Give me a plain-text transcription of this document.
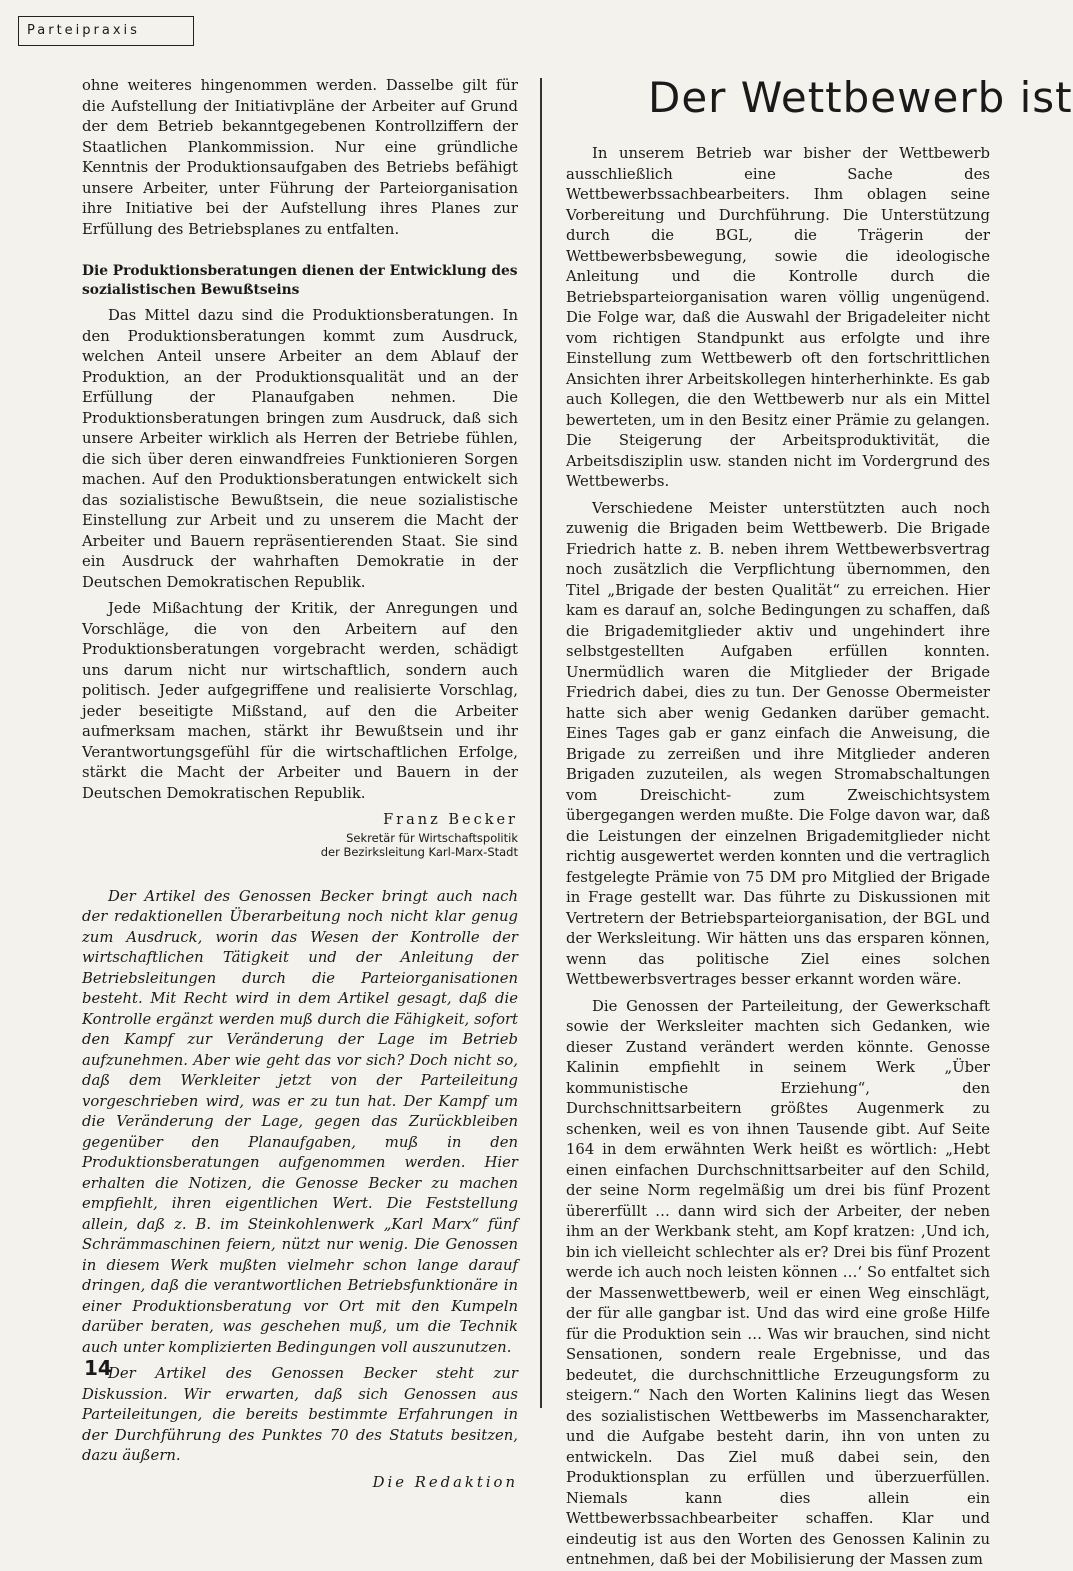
Parteipraxis

ohne weiteres hingenommen werden. Dasselbe gilt für die Aufstellung der Initiativpläne der Arbeiter auf Grund der dem Betrieb bekanntgegebenen Kontrollziffern der Staatlichen Plankommission. Nur eine gründliche Kenntnis der Produktionsaufgaben des Betriebs befähigt unsere Arbeiter, unter Führung der Parteiorganisation ihre Initiative bei der Aufstellung ihres Planes zur Erfüllung des Betriebsplanes zu entfalten.

Die Produktionsberatungen dienen der Entwicklung des sozialistischen Bewußtseins

Das Mittel dazu sind die Produktionsberatungen. In den Produktionsberatungen kommt zum Ausdruck, welchen Anteil unsere Arbeiter an dem Ablauf der Produktion, an der Produktionsqualität und an der Erfüllung der Planaufgaben nehmen. Die Produktionsberatungen bringen zum Ausdruck, daß sich unsere Arbeiter wirklich als Herren der Betriebe fühlen, die sich über deren einwandfreies Funktionieren Sorgen machen. Auf den Produktionsberatungen entwickelt sich das sozialistische Bewußtsein, die neue sozialistische Einstellung zur Arbeit und zu unserem die Macht der Arbeiter und Bauern repräsentierenden Staat. Sie sind ein Ausdruck der wahrhaften Demokratie in der Deutschen Demokratischen Republik.

Jede Mißachtung der Kritik, der Anregungen und Vorschläge, die von den Arbeitern auf den Produktionsberatungen vorgebracht werden, schädigt uns darum nicht nur wirtschaftlich, sondern auch politisch. Jeder aufgegriffene und realisierte Vorschlag, jeder beseitigte Mißstand, auf den die Arbeiter aufmerksam machen, stärkt ihr Bewußtsein und ihr Verantwortungsgefühl für die wirtschaftlichen Erfolge, stärkt die Macht der Arbeiter und Bauern in der Deutschen Demokratischen Republik.

Franz Becker

Sekretär für Wirtschaftspolitik

der Bezirksleitung Karl-Marx-Stadt

Der Artikel des Genossen Becker bringt auch nach der redaktionellen Überarbeitung noch nicht klar genug zum Ausdruck, worin das Wesen der Kontrolle der wirtschaftlichen Tätigkeit und der Anleitung der Betriebsleitungen durch die Parteiorganisationen besteht. Mit Recht wird in dem Artikel gesagt, daß die Kontrolle ergänzt werden muß durch die Fähigkeit, sofort den Kampf zur Veränderung der Lage im Betrieb aufzunehmen. Aber wie geht das vor sich? Doch nicht so, daß dem Werkleiter jetzt von der Parteileitung vorgeschrieben wird, was er zu tun hat. Der Kampf um die Veränderung der Lage, gegen das Zurückbleiben gegenüber den Planaufgaben, muß in den Produktionsberatungen aufgenommen werden. Hier erhalten die Notizen, die Genosse Becker zu machen empfiehlt, ihren eigentlichen Wert. Die Feststellung allein, daß z. B. im Steinkohlenwerk „Karl Marx“ fünf Schrämmaschinen feiern, nützt nur wenig. Die Genossen in diesem Werk mußten vielmehr schon lange darauf dringen, daß die verantwortlichen Betriebsfunktionäre in einer Produktionsberatung vor Ort mit den Kumpeln darüber beraten, was geschehen muß, um die Technik auch unter komplizierten Bedingungen voll auszunutzen.

Der Artikel des Genossen Becker steht zur Diskussion. Wir erwarten, daß sich Genossen aus Parteileitungen, die bereits bestimmte Erfahrungen in der Durchführung des Punktes 70 des Statuts besitzen, dazu äußern.

Die Redaktion

Der Wettbewerb ist

In unserem Betrieb war bisher der Wettbewerb ausschließlich eine Sache des Wettbewerbssachbearbeiters. Ihm oblagen seine Vorbereitung und Durchführung. Die Unterstützung durch die BGL, die Trägerin der Wettbewerbsbewegung, sowie die ideologische Anleitung und die Kontrolle durch die Betriebsparteiorganisation waren völlig ungenügend. Die Folge war, daß die Auswahl der Brigadeleiter nicht vom richtigen Standpunkt aus erfolgte und ihre Einstellung zum Wettbewerb oft den fortschrittlichen Ansichten ihrer Arbeitskollegen hinterherhinkte. Es gab auch Kollegen, die den Wettbewerb nur als ein Mittel bewerteten, um in den Besitz einer Prämie zu gelangen. Die Steigerung der Arbeitsproduktivität, die Arbeitsdisziplin usw. standen nicht im Vordergrund des Wettbewerbs.

Verschiedene Meister unterstützten auch noch zuwenig die Brigaden beim Wettbewerb. Die Brigade Friedrich hatte z. B. neben ihrem Wettbewerbsvertrag noch zusätzlich die Verpflichtung übernommen, den Titel „Brigade der besten Qualität“ zu erreichen. Hier kam es darauf an, solche Bedingungen zu schaffen, daß die Brigademitglieder aktiv und ungehindert ihre selbstgestellten Aufgaben erfüllen konnten. Unermüdlich waren die Mitglieder der Brigade Friedrich dabei, dies zu tun. Der Genosse Obermeister hatte sich aber wenig Gedanken darüber gemacht. Eines Tages gab er ganz einfach die Anweisung, die Brigade zu zerreißen und ihre Mitglieder anderen Brigaden zuzuteilen, als wegen Stromabschaltungen vom Dreischicht- zum Zweischichtsystem übergegangen werden mußte. Die Folge davon war, daß die Leistungen der einzelnen Brigademitglieder nicht richtig ausgewertet werden konnten und die vertraglich festgelegte Prämie von 75 DM pro Mitglied der Brigade in Frage gestellt war. Das führte zu Diskussionen mit Vertretern der Betriebsparteiorganisation, der BGL und der Werksleitung. Wir hätten uns das ersparen können, wenn das politische Ziel eines solchen Wettbewerbsvertrages besser erkannt worden wäre.

Die Genossen der Parteileitung, der Gewerkschaft sowie der Werksleiter machten sich Gedanken, wie dieser Zustand verändert werden könnte. Genosse Kalinin empfiehlt in seinem Werk „Über kommunistische Erziehung“, den Durchschnittsarbeitern größtes Augenmerk zu schenken, weil es von ihnen Tausende gibt. Auf Seite 164 in dem erwähnten Werk heißt es wörtlich: „Hebt einen einfachen Durchschnittsarbeiter auf den Schild, der seine Norm regelmäßig um drei bis fünf Prozent übererfüllt … dann wird sich der Arbeiter, der neben ihm an der Werkbank steht, am Kopf kratzen: ‚Und ich, bin ich vielleicht schlechter als er? Drei bis fünf Prozent werde ich auch noch leisten können …‘ So entfaltet sich der Massenwettbewerb, weil er einen Weg einschlägt, der für alle gangbar ist. Und das wird eine große Hilfe für die Produktion sein … Was wir brauchen, sind nicht Sensationen, sondern reale Ergebnisse, und das bedeutet, die durchschnittliche Erzeugungsform zu steigern.“ Nach den Worten Kalinins liegt das Wesen des sozialistischen Wettbewerbs im Massencharakter, und die Aufgabe besteht darin, ihn von unten zu entwickeln. Das Ziel muß dabei sein, den Produktionsplan zu erfüllen und überzuerfüllen. Niemals kann dies allein ein Wettbewerbssachbearbeiter schaffen. Klar und eindeutig ist aus den Worten des Genossen Kalinin zu entnehmen, daß bei der Mobilisierung der Massen zum

14
